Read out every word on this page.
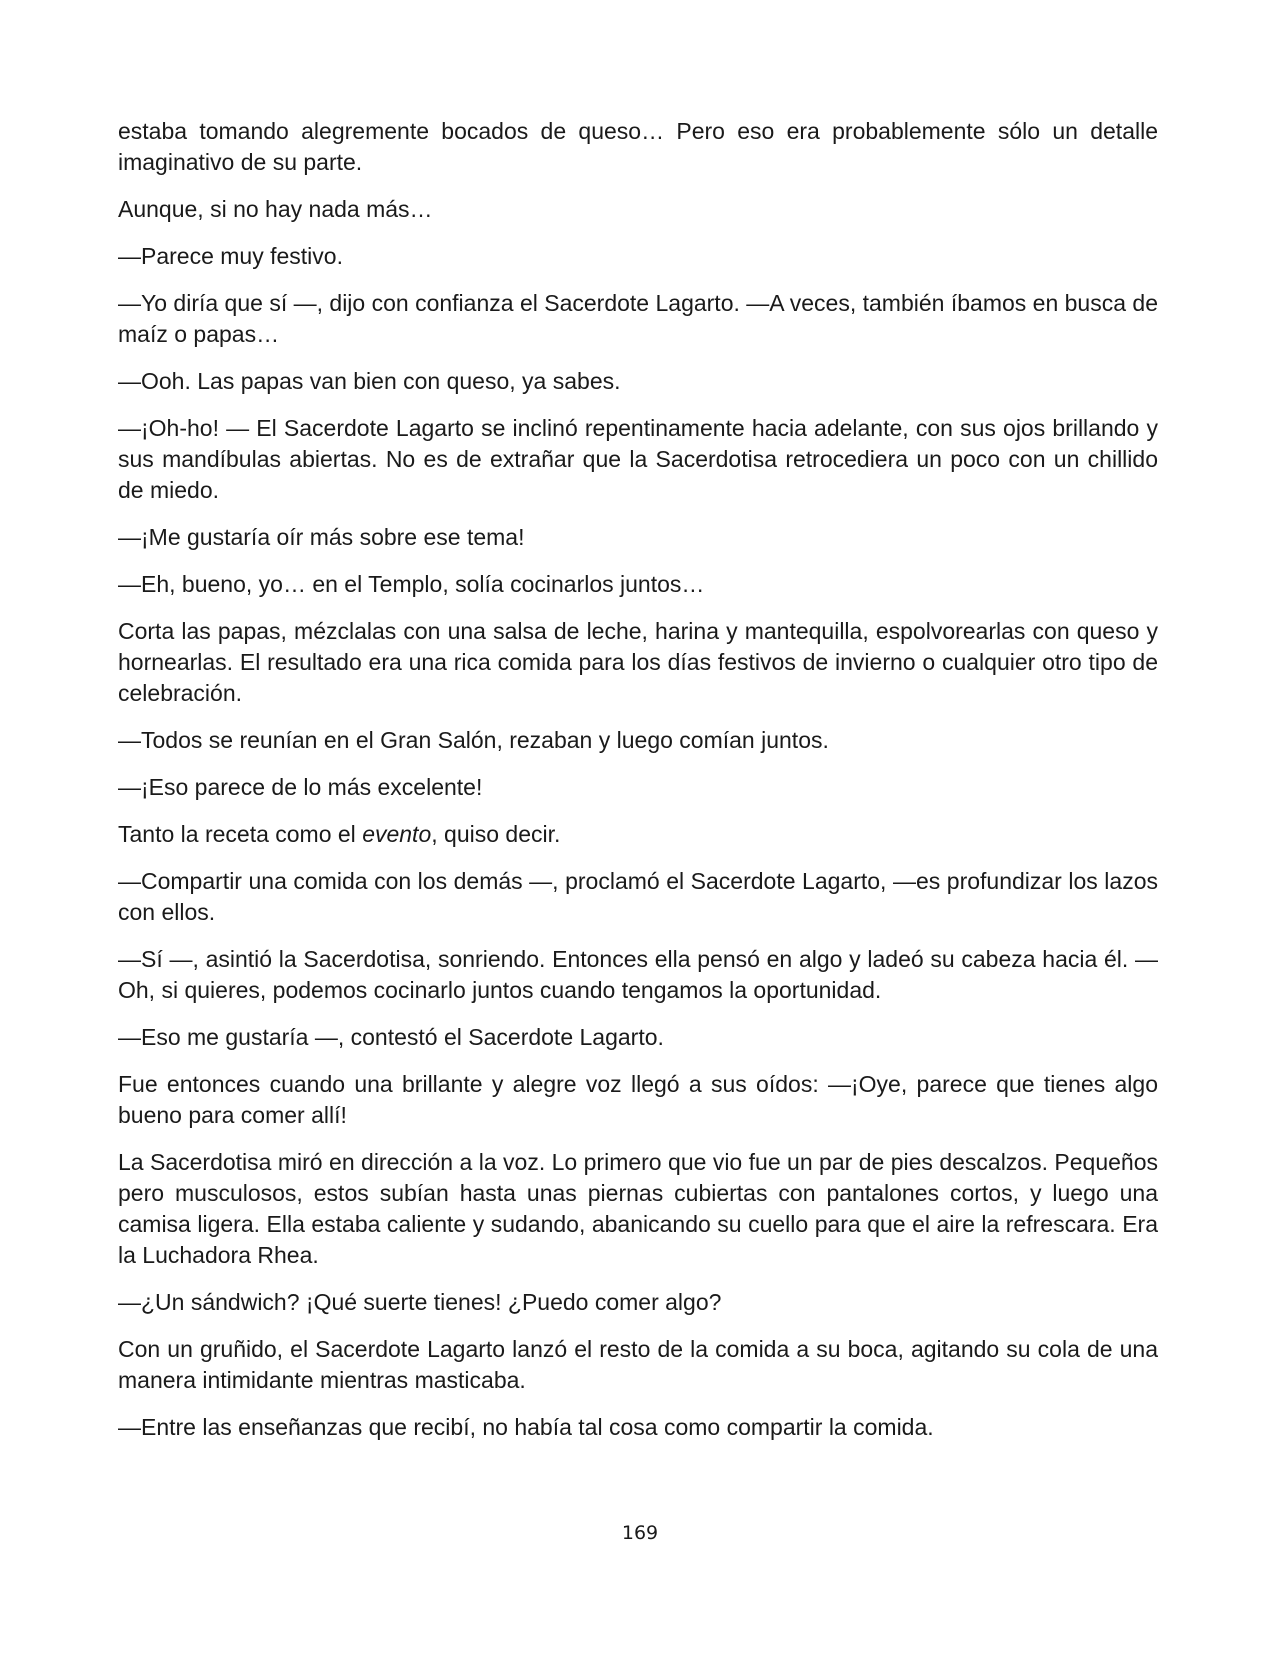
estaba tomando alegremente bocados de queso… Pero eso era probablemente sólo un detalle imaginativo de su parte.

Aunque, si no hay nada más…

—Parece muy festivo.

—Yo diría que sí —, dijo con confianza el Sacerdote Lagarto. —A veces, también íbamos en busca de maíz o papas…

—Ooh. Las papas van bien con queso, ya sabes.

—¡Oh-ho! — El Sacerdote Lagarto se inclinó repentinamente hacia adelante, con sus ojos brillando y sus mandíbulas abiertas. No es de extrañar que la Sacerdotisa retrocediera un poco con un chillido de miedo.

—¡Me gustaría oír más sobre ese tema!

—Eh, bueno, yo… en el Templo, solía cocinarlos juntos…

Corta las papas, mézclalas con una salsa de leche, harina y mantequilla, espolvorearlas con queso y hornearlas. El resultado era una rica comida para los días festivos de invierno o cualquier otro tipo de celebración.

—Todos se reunían en el Gran Salón, rezaban y luego comían juntos.

—¡Eso parece de lo más excelente!

Tanto la receta como el evento, quiso decir.

—Compartir una comida con los demás —, proclamó el Sacerdote Lagarto, —es profundizar los lazos con ellos.

—Sí —, asintió la Sacerdotisa, sonriendo. Entonces ella pensó en algo y ladeó su cabeza hacia él. —Oh, si quieres, podemos cocinarlo juntos cuando tengamos la oportunidad.

—Eso me gustaría —, contestó el Sacerdote Lagarto.

Fue entonces cuando una brillante y alegre voz llegó a sus oídos: —¡Oye, parece que tienes algo bueno para comer allí!

La Sacerdotisa miró en dirección a la voz. Lo primero que vio fue un par de pies descalzos. Pequeños pero musculosos, estos subían hasta unas piernas cubiertas con pantalones cortos, y luego una camisa ligera. Ella estaba caliente y sudando, abanicando su cuello para que el aire la refrescara. Era la Luchadora Rhea.

—¿Un sándwich? ¡Qué suerte tienes! ¿Puedo comer algo?

Con un gruñido, el Sacerdote Lagarto lanzó el resto de la comida a su boca, agitando su cola de una manera intimidante mientras masticaba.

—Entre las enseñanzas que recibí, no había tal cosa como compartir la comida.

169
